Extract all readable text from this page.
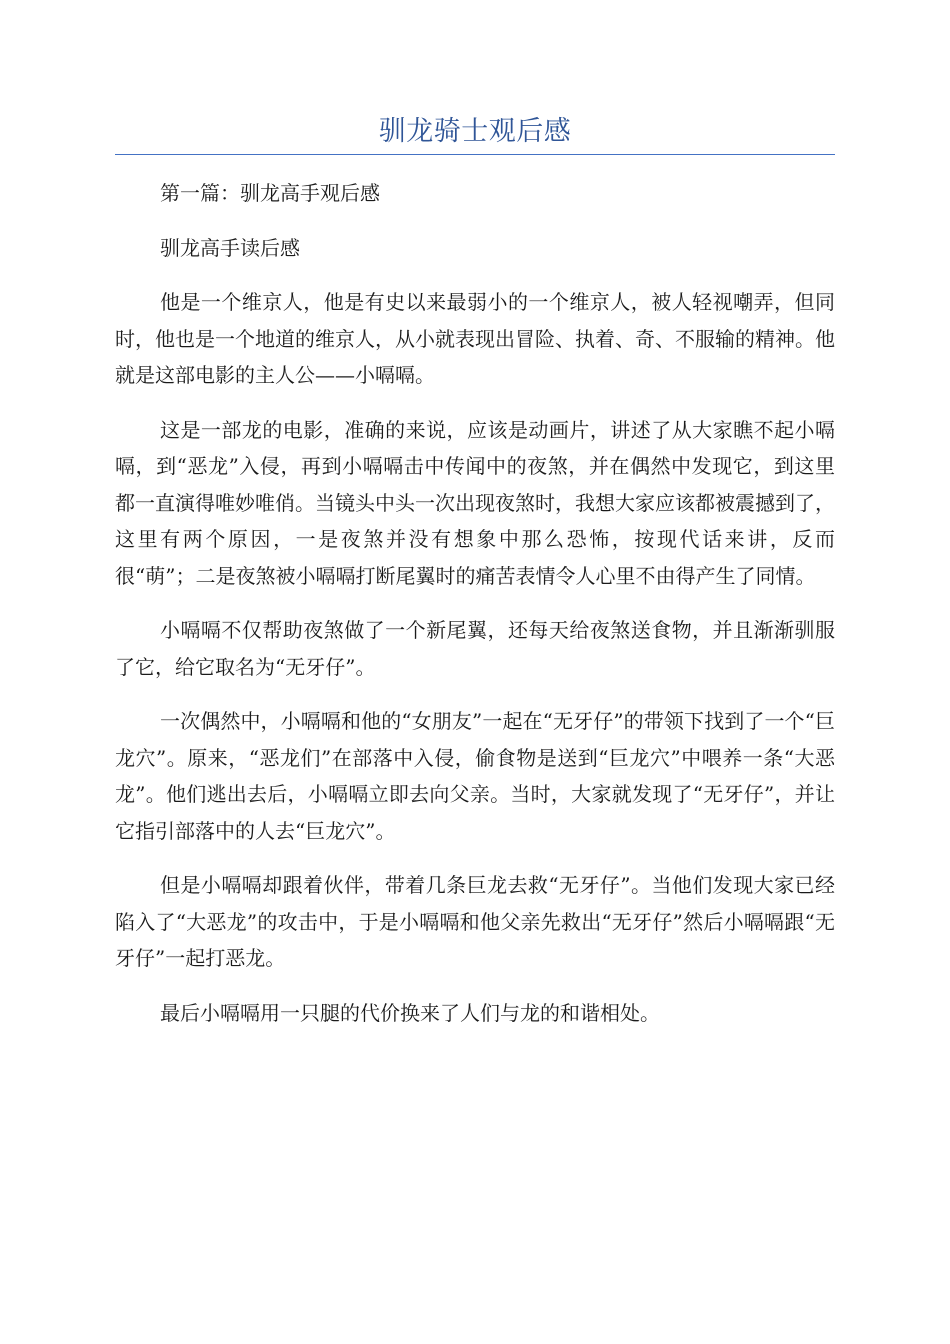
驯龙骑士观后感

第一篇：驯龙高手观后感

驯龙高手读后感

他是一个维京人，他是有史以来最弱小的一个维京人，被人轻视嘲弄，但同时，他也是一个地道的维京人，从小就表现出冒险、执着、奇、不服输的精神。他就是这部电影的主人公——小嗝嗝。

这是一部龙的电影，准确的来说，应该是动画片，讲述了从大家瞧不起小嗝嗝，到“恶龙”入侵，再到小嗝嗝击中传闻中的夜煞，并在偶然中发现它，到这里都一直演得唯妙唯俏。当镜头中头一次出现夜煞时，我想大家应该都被震撼到了，这里有两个原因，一是夜煞并没有想象中那么恐怖，按现代话来讲，反而很“萌”；二是夜煞被小嗝嗝打断尾翼时的痛苦表情令人心里不由得产生了同情。

小嗝嗝不仅帮助夜煞做了一个新尾翼，还每天给夜煞送食物，并且渐渐驯服了它，给它取名为“无牙仔”。

一次偶然中，小嗝嗝和他的“女朋友”一起在“无牙仔”的带领下找到了一个“巨龙穴”。原来，“恶龙们”在部落中入侵，偷食物是送到“巨龙穴”中喂养一条“大恶龙”。他们逃出去后，小嗝嗝立即去向父亲。当时，大家就发现了“无牙仔”，并让它指引部落中的人去“巨龙穴”。

但是小嗝嗝却跟着伙伴，带着几条巨龙去救“无牙仔”。当他们发现大家已经陷入了“大恶龙”的攻击中，于是小嗝嗝和他父亲先救出“无牙仔”然后小嗝嗝跟“无牙仔”一起打恶龙。

最后小嗝嗝用一只腿的代价换来了人们与龙的和谐相处。
